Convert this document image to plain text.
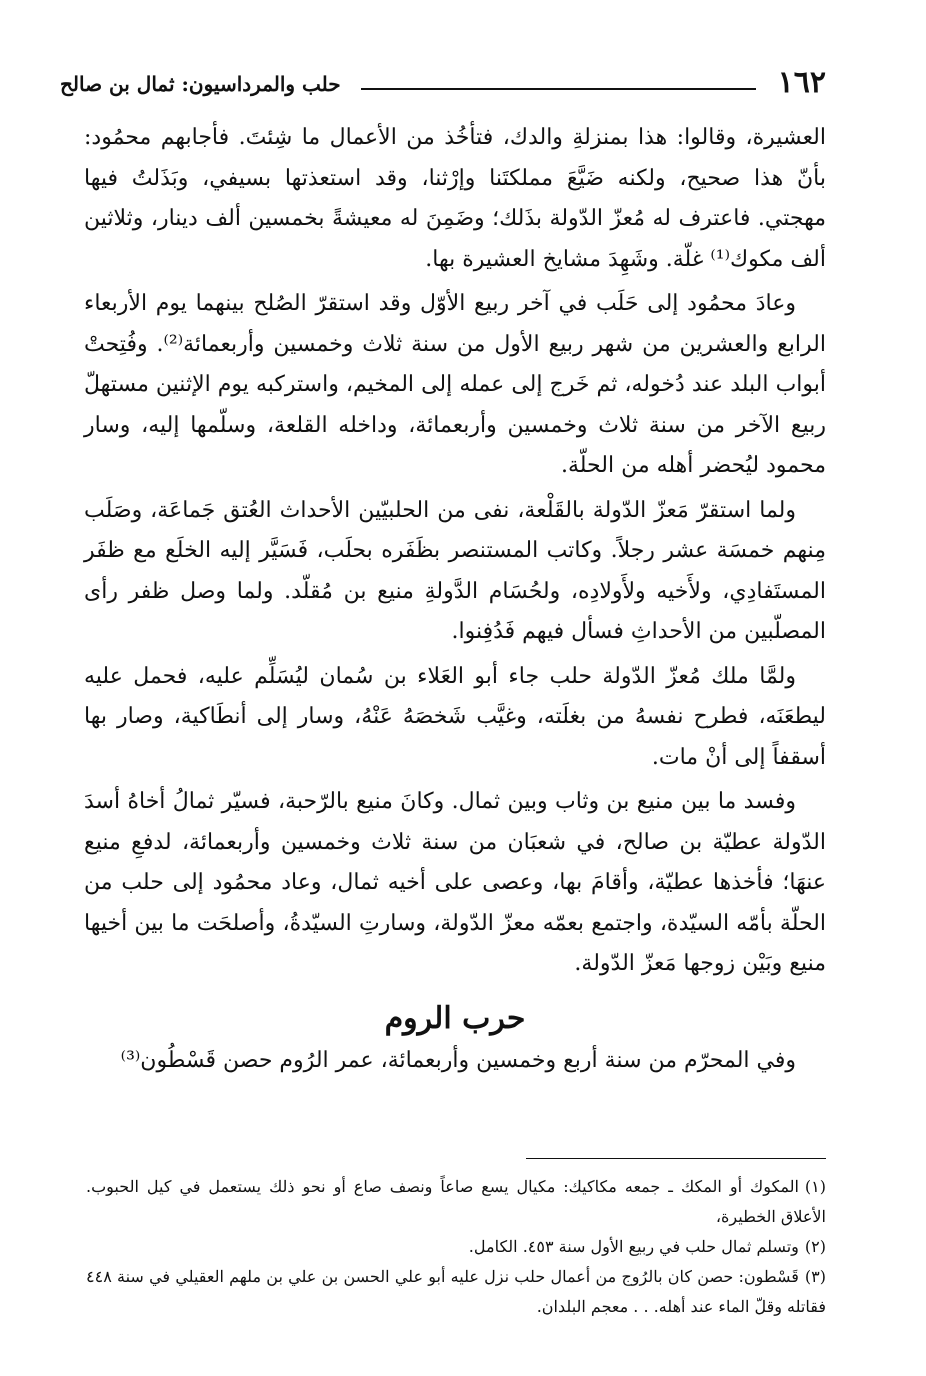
١٦٢
حلب والمرداسيون: ثمال بن صالح

العشيرة، وقالوا: هذا بمنزلةِ والدك، فتأخُذ من الأعمال ما شِئتَ. فأجابهم محمُود: بأنّ هذا صحيح، ولكنه ضَيَّعَ مملكتَنا وإرْثنا، وقد استعذتها بسيفي، وبَذَلتُ فيها مهجتي. فاعترف له مُعزّ الدّولة بذَلك؛ وضَمِنَ له معيشةً بخمسين ألف دينار، وثلاثين ألف مكوك⁽¹⁾ غلّة. وشَهِدَ مشايخ العشيرة بها.

وعادَ محمُود إلى حَلَب في آخر ربيع الأوّل وقد استقرّ الصُلح بينهما يوم الأربعاء الرابع والعشرين من شهر ربيع الأول من سنة ثلاث وخمسين وأربعمائة⁽²⁾. وفُتِحتْ أبواب البلد عند دُخوله، ثم خَرج إلى عمله إلى المخيم، واستركبه يوم الإثنين مستهلّ ربيع الآخر من سنة ثلاث وخمسين وأربعمائة، وداخله القلعة، وسلّمها إليه، وسار محمود ليُحضر أهله من الحلّة.

ولما استقرّ مَعزّ الدّولة بالقَلْعة، نفى من الحلبيّين الأحداث العُتق جَماعَة، وصَلَب مِنهم خمسَة عشر رجلاً. وكاتب المستنصر بظَفَره بحلَب، فَسَيَّر إليه الخلَع مع ظفَر المستَفادِي، ولأَخيه ولأَولادِه، ولحُسَام الدَّولةِ منيع بن مُقلّد. ولما وصل ظفر رأى المصلّبين من الأحداثِ فسأل فيهم فَدُفِنوا.

ولمَّا ملك مُعزّ الدّولة حلب جاء أبو العَلاء بن سُمان ليُسَلِّم عليه، فحمل عليه ليطعَنَه، فطرح نفسهُ من بغلَته، وغيَّب شَخصَهُ عَنْهُ، وسار إلى أنطَاكية، وصار بها أسقفاً إلى أنْ مات.

وفسد ما بين منيع بن وثاب وبين ثمال. وكانَ منيع بالرّحبة، فسيّر ثمالُ أخاهُ أسدَ الدّولة عطيّة بن صالح، في شعبَان من سنة ثلاث وخمسين وأربعمائة، لدفعِ منيع عنهَا؛ فأخذها عطيّة، وأقامَ بها، وعصى على أخيه ثمال، وعاد محمُود إلى حلب من الحلّة بأمّه السيّدة، واجتمع بعمّه معزّ الدّولة، وسارتِ السيّدةُ، وأصلحَت ما بين أخيها منيع وبَيْن زوجها مَعزّ الدّولة.

حرب الروم

وفي المحرّم من سنة أربع وخمسين وأربعمائة، عمر الرُوم حصن قَسْطُون⁽³⁾

(١)المكوك أو المكك ـ جمعه مكاكيك: مكيال يسع صاعاً ونصف صاع أو نحو ذلك يستعمل في كيل الحبوب. الأعلاق الخطيرة،

(٢)وتسلم ثمال حلب في ربيع الأول سنة ٤٥٣. الكامل.

(٣)قَسْطون: حصن كان بالرُوج من أعمال حلب نزل عليه أبو علي الحسن بن علي بن ملهم العقيلي في سنة ٤٤٨ فقاتله وقلّ الماء عند أهله. . . معجم البلدان.
